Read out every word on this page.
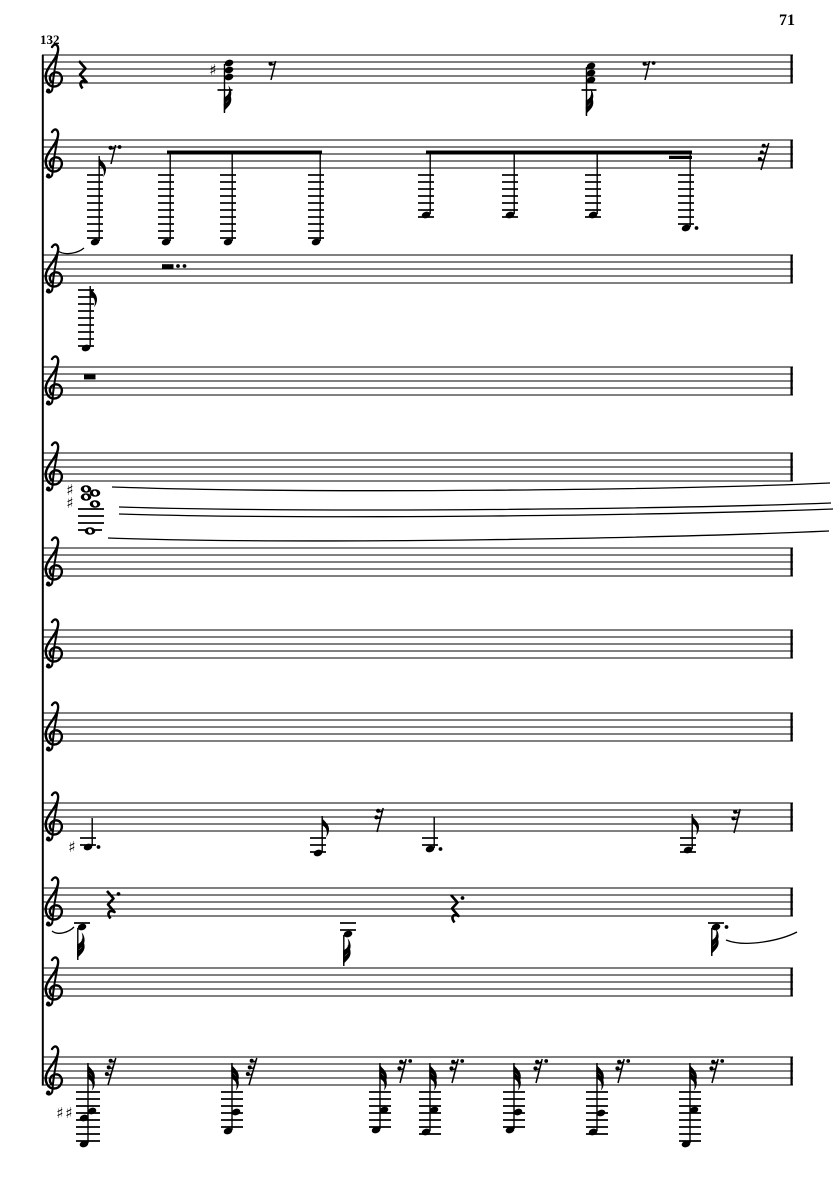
71
132
♯
♯
♯
♯
♯ ♯
